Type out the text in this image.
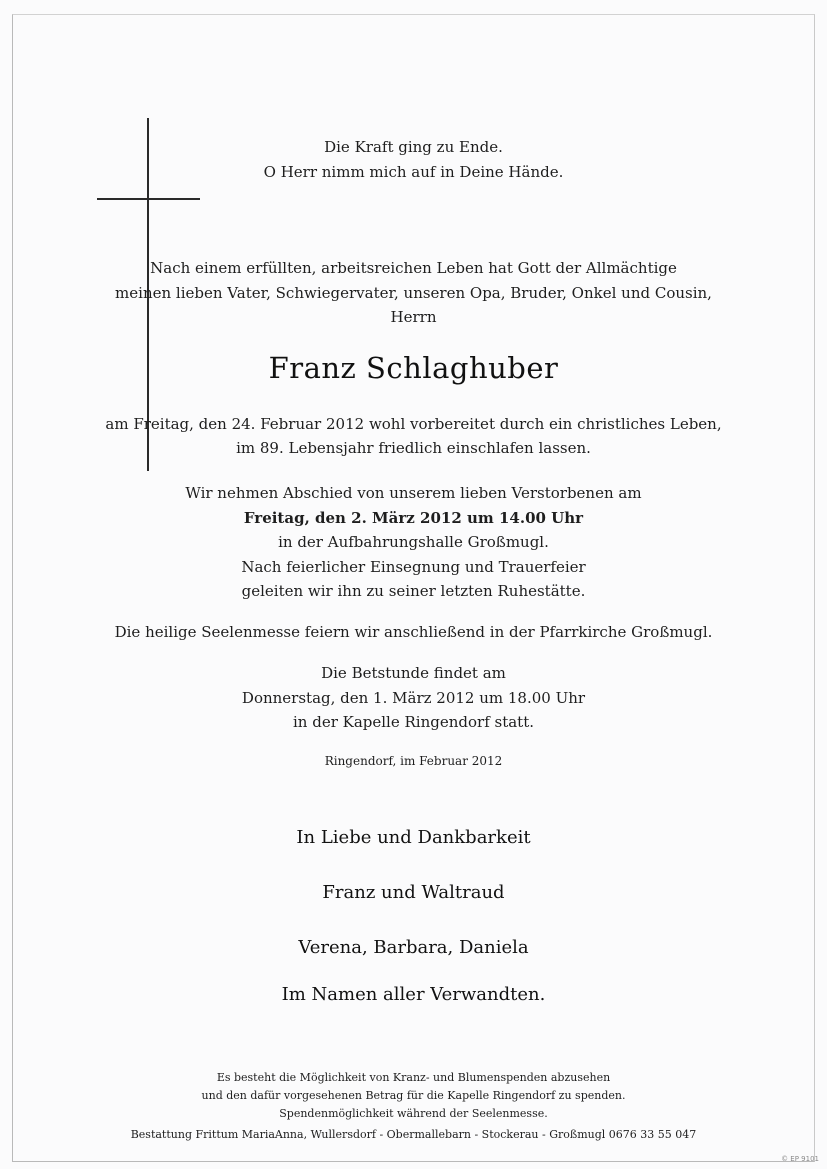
Die Kraft ging zu Ende.
O Herr nimm mich auf in Deine Hände.
Nach einem erfüllten, arbeitsreichen Leben hat Gott der Allmächtige
meinen lieben Vater, Schwiegervater, unseren Opa, Bruder, Onkel und Cousin,
Herrn
Franz Schlaghuber
am Freitag, den 24. Februar 2012 wohl vorbereitet durch ein christliches Leben,
im 89. Lebensjahr friedlich einschlafen lassen.
Wir nehmen Abschied von unserem lieben Verstorbenen am
Freitag, den 2. März 2012 um 14.00 Uhr
in der Aufbahrungshalle Großmugl.
Nach feierlicher Einsegnung und Trauerfeier
geleiten wir ihn zu seiner letzten Ruhestätte.
Die heilige Seelenmesse feiern wir anschließend in der Pfarrkirche Großmugl.
Die Betstunde findet am
Donnerstag, den 1. März 2012 um 18.00 Uhr
in der Kapelle Ringendorf statt.
Ringendorf, im Februar 2012
In Liebe und Dankbarkeit
Franz und Waltraud
Verena, Barbara, Daniela
Im Namen aller Verwandten.
Es besteht die Möglichkeit von Kranz- und Blumenspenden abzusehen
und den dafür vorgesehenen Betrag für die Kapelle Ringendorf zu spenden.
Spendenmöglichkeit während der Seelenmesse.
Bestattung Frittum MariaAnna, Wullersdorf - Obermallebarn - Stockerau - Großmugl 0676 33 55 047
© EP 9101
